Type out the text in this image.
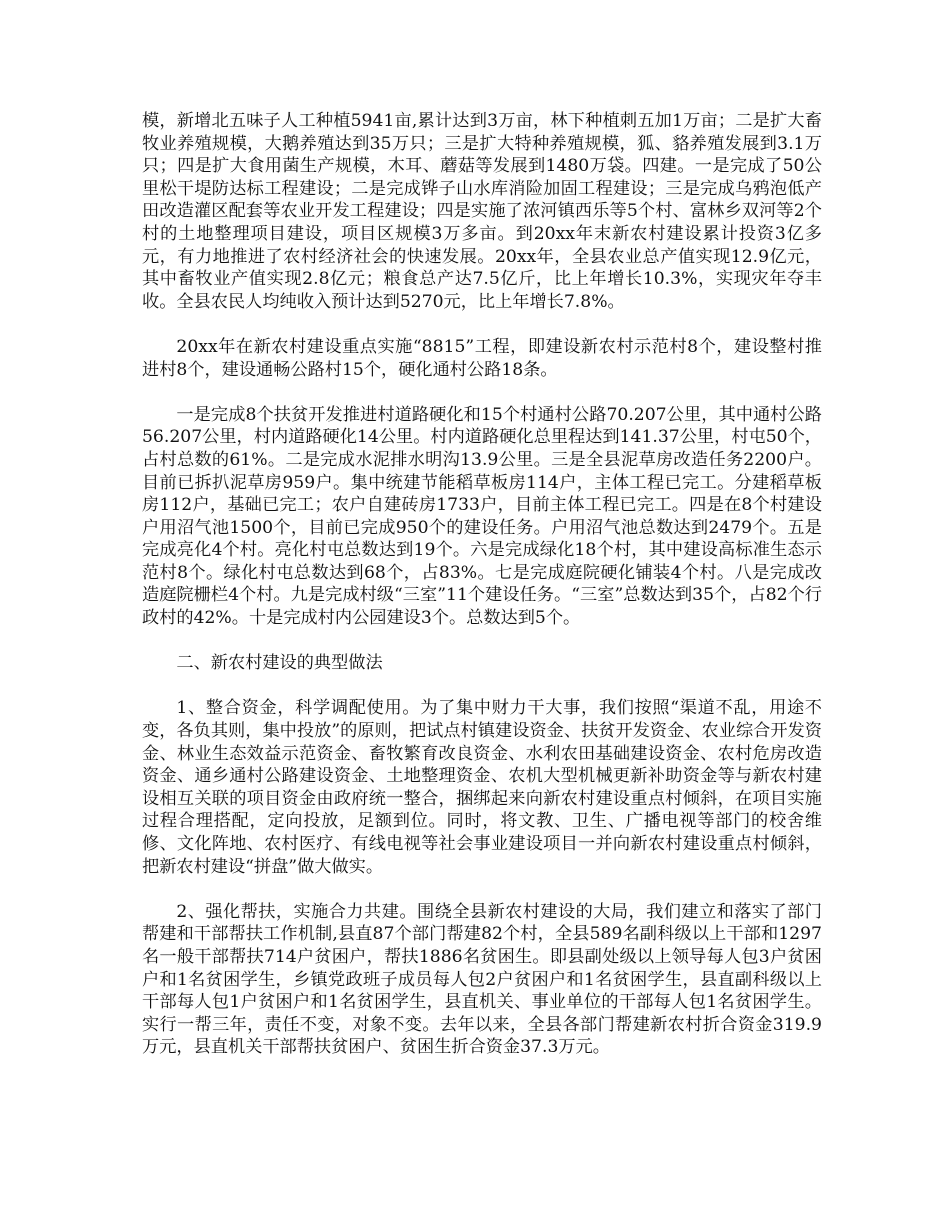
模，新增北五味子人工种植5941亩,累计达到3万亩，林下种植刺五加1万亩；二是扩大畜牧业养殖规模，大鹅养殖达到35万只；三是扩大特种养殖规模，狐、貉养殖发展到3.1万只；四是扩大食用菌生产规模，木耳、蘑菇等发展到1480万袋。四建。一是完成了50公里松干堤防达标工程建设；二是完成铧子山水库消险加固工程建设；三是完成乌鸦泡低产田改造灌区配套等农业开发工程建设；四是实施了浓河镇西乐等5个村、富林乡双河等2个村的土地整理项目建设，项目区规模3万多亩。到20xx年末新农村建设累计投资3亿多元，有力地推进了农村经济社会的快速发展。20xx年，全县农业总产值实现12.9亿元，其中畜牧业产值实现2.8亿元；粮食总产达7.5亿斤，比上年增长10.3%，实现灾年夺丰收。全县农民人均纯收入预计达到5270元，比上年增长7.8%。

20xx年在新农村建设重点实施“8815”工程，即建设新农村示范村8个，建设整村推进村8个，建设通畅公路村15个，硬化通村公路18条。

一是完成8个扶贫开发推进村道路硬化和15个村通村公路70.207公里，其中通村公路56.207公里，村内道路硬化14公里。村内道路硬化总里程达到141.37公里，村屯50个，占村总数的61%。二是完成水泥排水明沟13.9公里。三是全县泥草房改造任务2200户。目前已拆扒泥草房959户。集中统建节能稻草板房114户，主体工程已完工。分建稻草板房112户，基础已完工；农户自建砖房1733户，目前主体工程已完工。四是在8个村建设户用沼气池1500个，目前已完成950个的建设任务。户用沼气池总数达到2479个。五是完成亮化4个村。亮化村屯总数达到19个。六是完成绿化18个村，其中建设高标准生态示范村8个。绿化村屯总数达到68个，占83%。七是完成庭院硬化铺装4个村。八是完成改造庭院栅栏4个村。九是完成村级“三室”11个建设任务。“三室”总数达到35个，占82个行政村的42%。十是完成村内公园建设3个。总数达到5个。

二、新农村建设的典型做法

1、整合资金，科学调配使用。为了集中财力干大事，我们按照“渠道不乱，用途不变，各负其则，集中投放”的原则，把试点村镇建设资金、扶贫开发资金、农业综合开发资金、林业生态效益示范资金、畜牧繁育改良资金、水利农田基础建设资金、农村危房改造资金、通乡通村公路建设资金、土地整理资金、农机大型机械更新补助资金等与新农村建设相互关联的项目资金由政府统一整合，捆绑起来向新农村建设重点村倾斜，在项目实施过程合理搭配，定向投放，足额到位。同时，将文教、卫生、广播电视等部门的校舍维修、文化阵地、农村医疗、有线电视等社会事业建设项目一并向新农村建设重点村倾斜，把新农村建设“拼盘”做大做实。

2、强化帮扶，实施合力共建。围绕全县新农村建设的大局，我们建立和落实了部门帮建和干部帮扶工作机制,县直87个部门帮建82个村，全县589名副科级以上干部和1297名一般干部帮扶714户贫困户，帮扶1886名贫困生。即县副处级以上领导每人包3户贫困户和1名贫困学生，乡镇党政班子成员每人包2户贫困户和1名贫困学生，县直副科级以上干部每人包1户贫困户和1名贫困学生，县直机关、事业单位的干部每人包1名贫困学生。实行一帮三年，责任不变，对象不变。去年以来，全县各部门帮建新农村折合资金319.9万元，县直机关干部帮扶贫困户、贫困生折合资金37.3万元。
